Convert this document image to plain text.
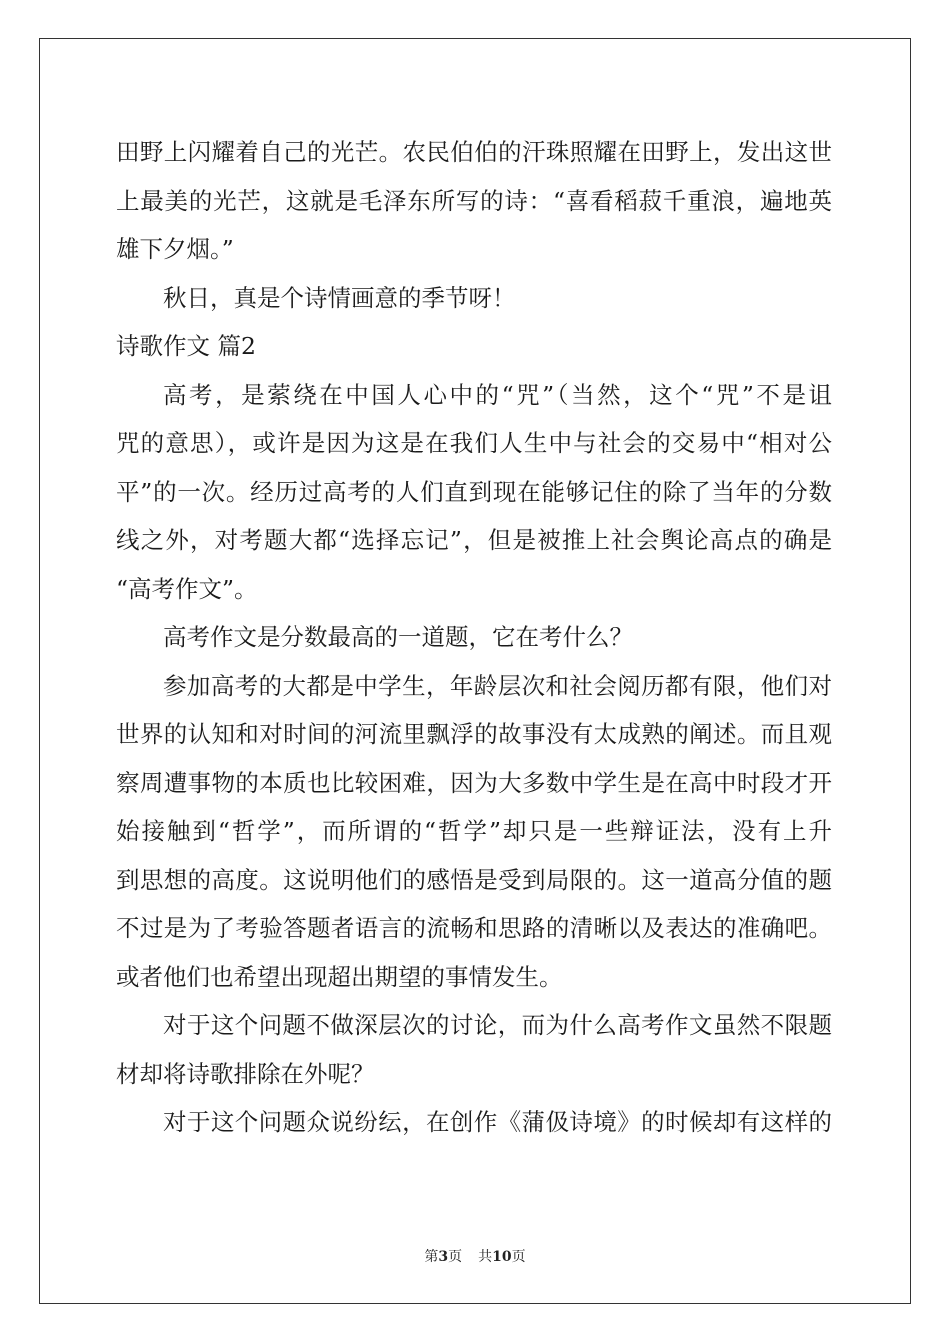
田野上闪耀着自己的光芒。农民伯伯的汗珠照耀在田野上，发出这世
上最美的光芒，这就是毛泽东所写的诗：“喜看稻菽千重浪，遍地英
雄下夕烟。”
秋日，真是个诗情画意的季节呀！
诗歌作文 篇2
高考，是萦绕在中国人心中的“咒”（当然，这个“咒”不是诅
咒的意思），或许是因为这是在我们人生中与社会的交易中“相对公
平”的一次。经历过高考的人们直到现在能够记住的除了当年的分数
线之外，对考题大都“选择忘记”，但是被推上社会舆论高点的确是
“高考作文”。
高考作文是分数最高的一道题，它在考什么？
参加高考的大都是中学生，年龄层次和社会阅历都有限，他们对
世界的认知和对时间的河流里飘浮的故事没有太成熟的阐述。而且观
察周遭事物的本质也比较困难，因为大多数中学生是在高中时段才开
始接触到“哲学”，而所谓的“哲学”却只是一些辩证法，没有上升
到思想的高度。这说明他们的感悟是受到局限的。这一道高分值的题
不过是为了考验答题者语言的流畅和思路的清晰以及表达的准确吧。
或者他们也希望出现超出期望的事情发生。
对于这个问题不做深层次的讨论，而为什么高考作文虽然不限题
材却将诗歌排除在外呢？
对于这个问题众说纷纭，在创作《蒲伋诗境》的时候却有这样的
第3页 共10页
